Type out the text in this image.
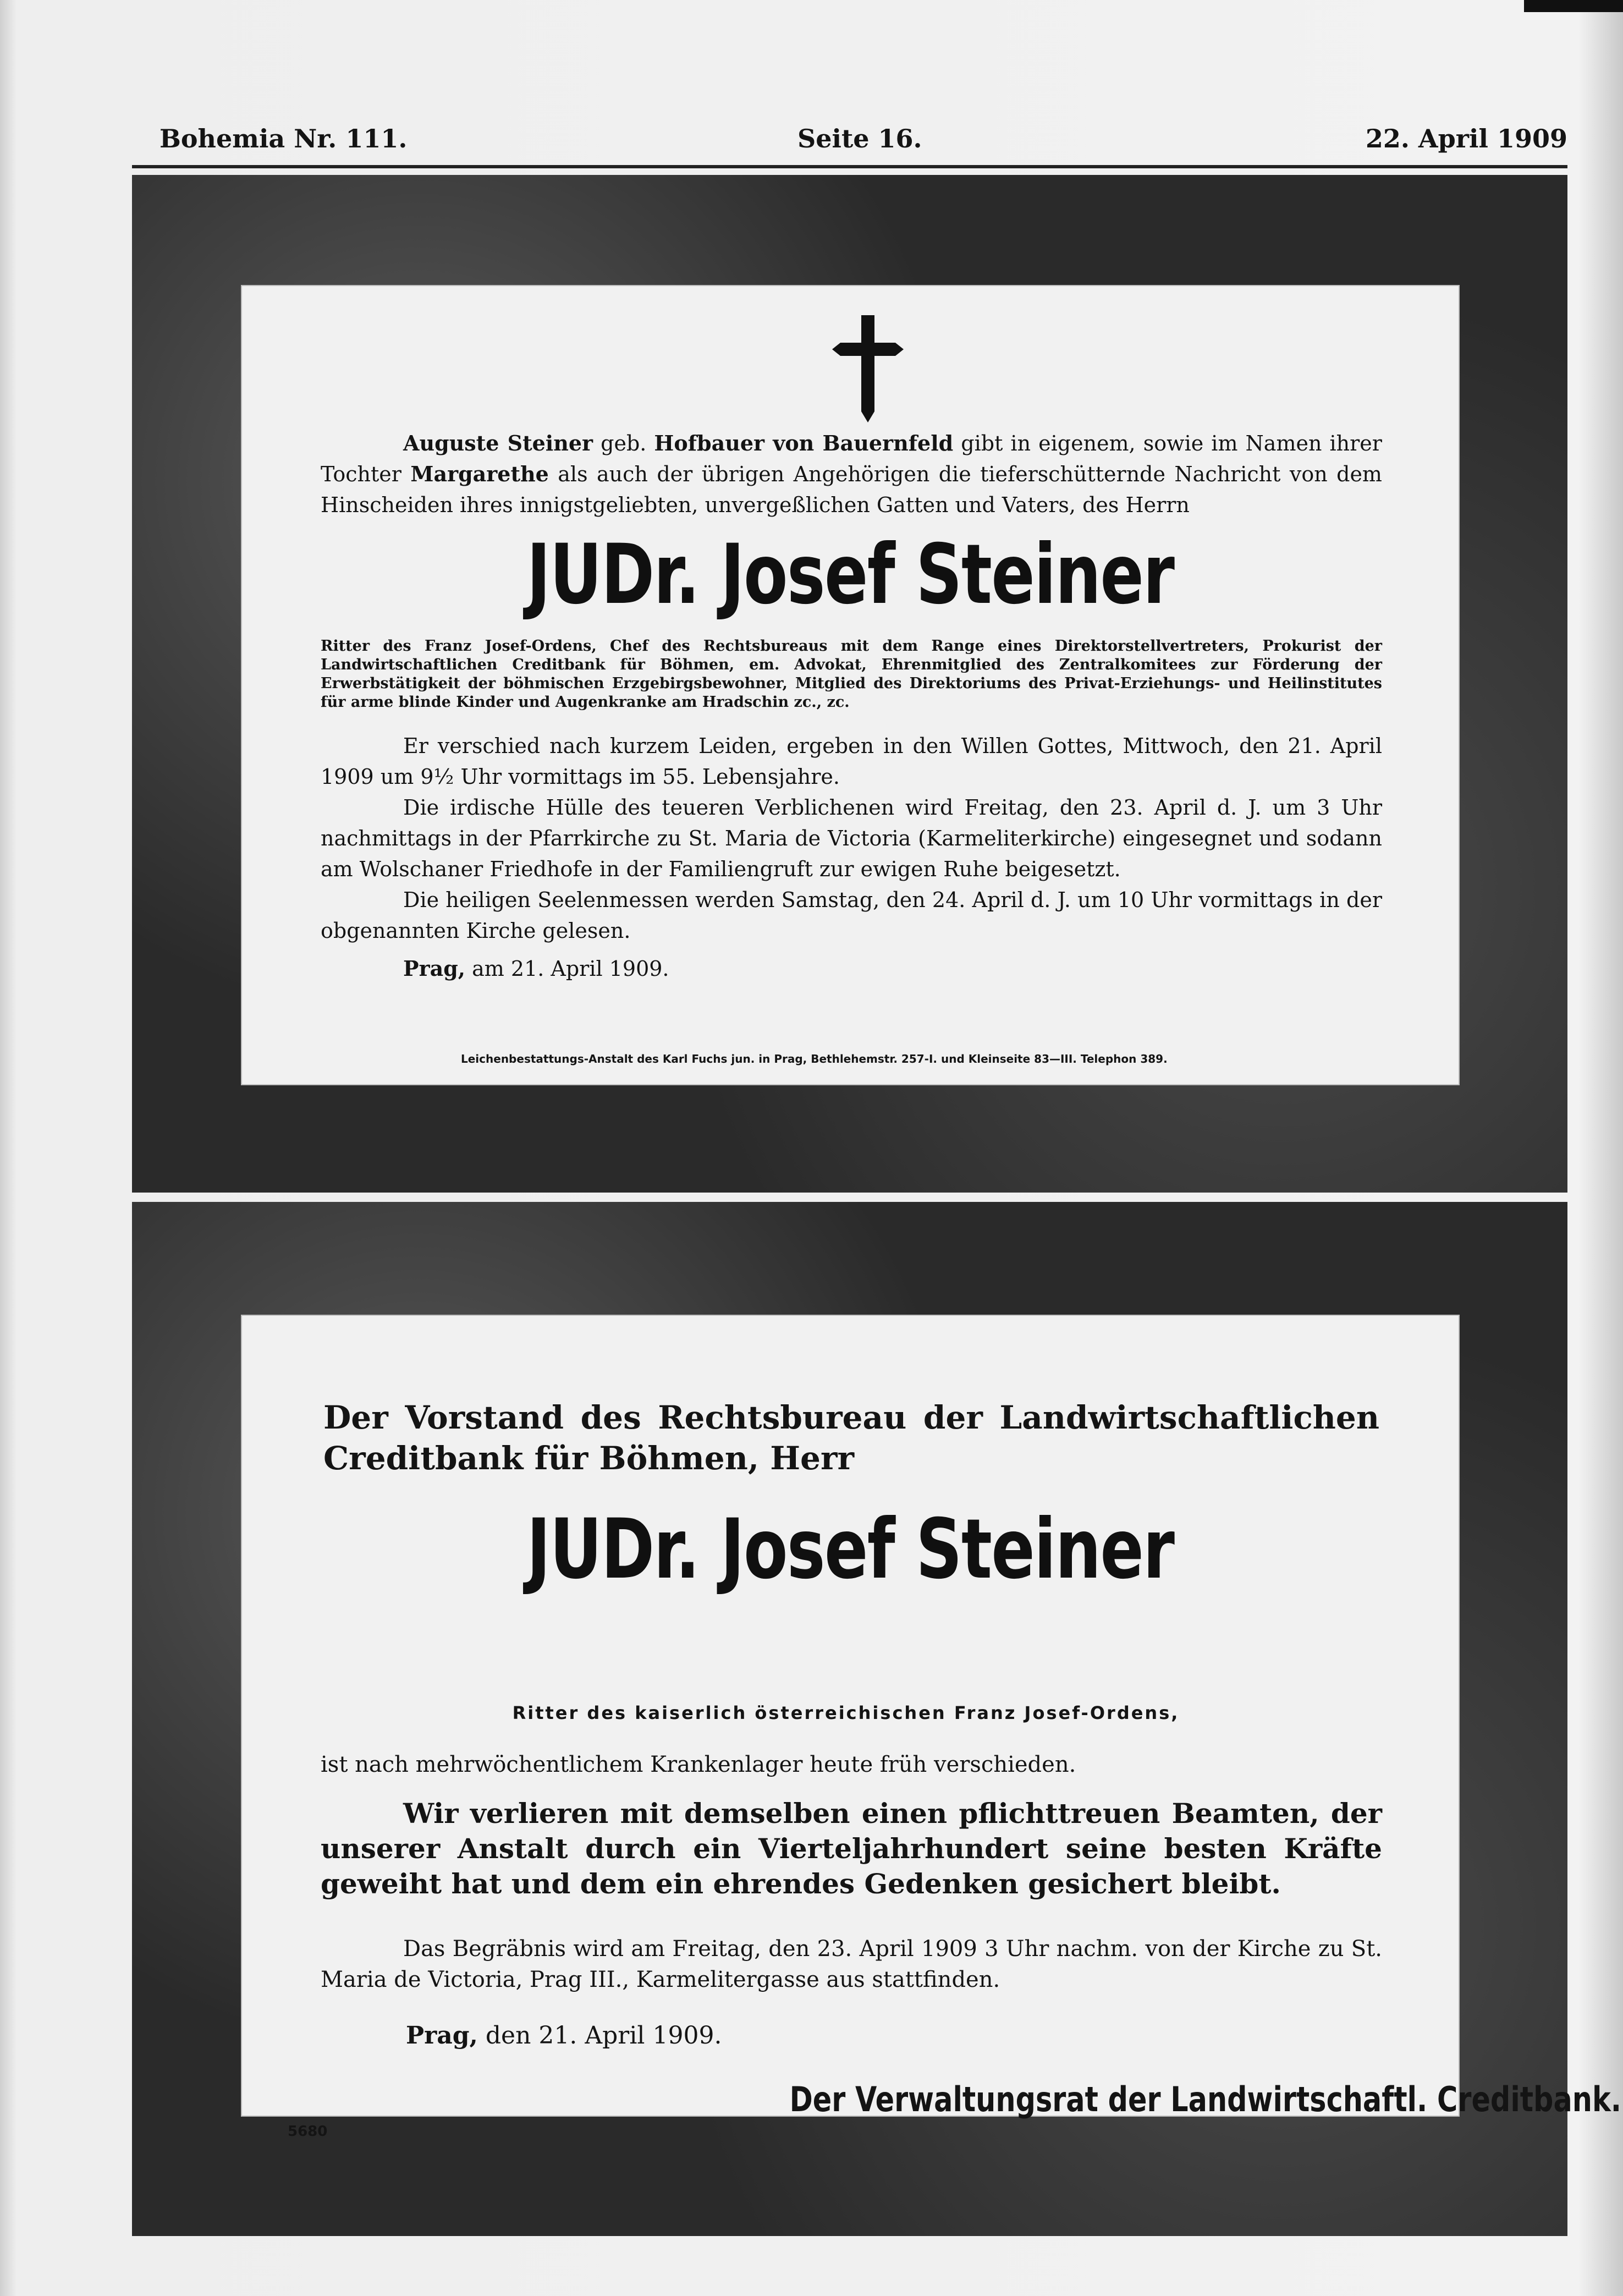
Bohemia Nr. 111.	Seite 16.	22. April 1909
Auguste Steiner geb. Hofbauer von Bauernfeld gibt in eigenem, sowie im Namen ihrer Tochter Margarethe als auch der übrigen Angehörigen die tieferschütternde Nachricht von dem Hinscheiden ihres innigstgeliebten, unvergeßlichen Gatten und Vaters, des Herrn
JUDr. Josef Steiner
Ritter des Franz Josef-Ordens, Chef des Rechtsbureaus mit dem Range eines Direktorstellvertreters, Prokurist der Landwirtschaftlichen Creditbank für Böhmen, em. Advokat, Ehrenmitglied des Zentralkomitees zur Förderung der Erwerbstätigkeit der böhmischen Erzgebirgsbewohner, Mitglied des Direktoriums des Privat-Erziehungs- und Heilinstitutes für arme blinde Kinder und Augenkranke am Hradschin zc., zc.
Er verschied nach kurzem Leiden, ergeben in den Willen Gottes, Mittwoch, den 21. April 1909 um 9½ Uhr vormittags im 55. Lebensjahre.
Die irdische Hülle des teueren Verblichenen wird Freitag, den 23. April d. J. um 3 Uhr nachmittags in der Pfarrkirche zu St. Maria de Victoria (Karmeliterkirche) eingesegnet und sodann am Wolschaner Friedhofe in der Familiengruft zur ewigen Ruhe beigesetzt.
Die heiligen Seelenmessen werden Samstag, den 24. April d. J. um 10 Uhr vormittags in der obgenannten Kirche gelesen.
Prag, am 21. April 1909.
Leichenbestattungs-Anstalt des Karl Fuchs jun. in Prag, Bethlehemstr. 257-I. und Kleinseite 83—III. Telephon 389.
Der Vorstand des Rechtsbureau der Landwirtschaftlichen Creditbank für Böhmen, Herr
JUDr. Josef Steiner
Ritter des kaiserlich österreichischen Franz Josef-Ordens,
ist nach mehrwöchentlichem Krankenlager heute früh verschieden.
Wir verlieren mit demselben einen pflichttreuen Beamten, der unserer Anstalt durch ein Vierteljahrhundert seine besten Kräfte geweiht hat und dem ein ehrendes Gedenken gesichert bleibt.
Das Begräbnis wird am Freitag, den 23. April 1909 3 Uhr nachm. von der Kirche zu St. Maria de Victoria, Prag III., Karmelitergasse aus stattfinden.
Prag, den 21. April 1909.
5680
Der Verwaltungsrat der Landwirtschaftl. Creditbank.
